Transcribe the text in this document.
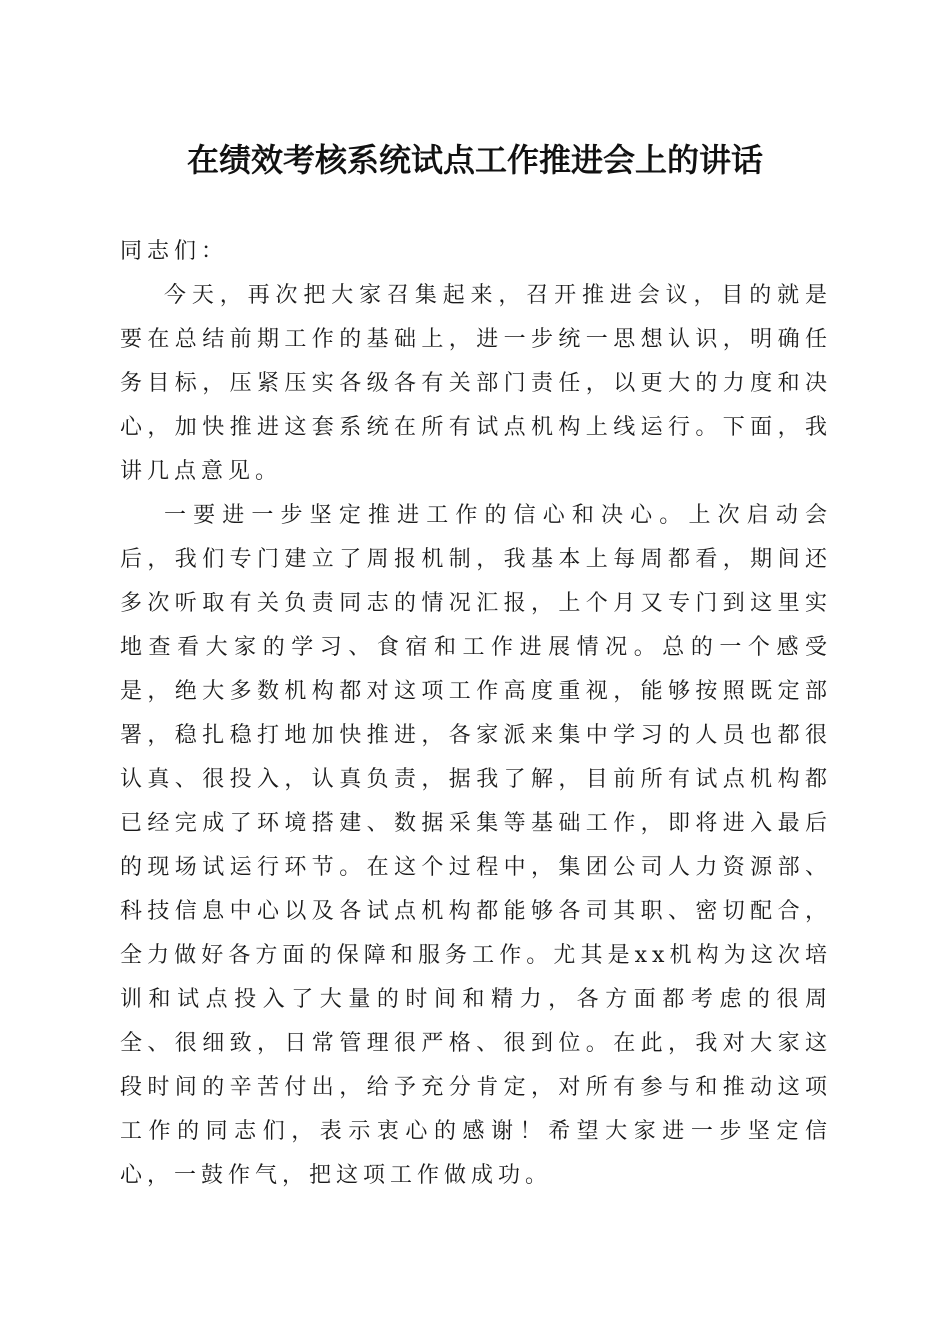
在绩效考核系统试点工作推进会上的讲话

同志们：

今天，再次把大家召集起来，召开推进会议，目的就是要在总结前期工作的基础上，进一步统一思想认识，明确任务目标，压紧压实各级各有关部门责任，以更大的力度和决心，加快推进这套系统在所有试点机构上线运行。下面，我讲几点意见。

一要进一步坚定推进工作的信心和决心。上次启动会后，我们专门建立了周报机制，我基本上每周都看，期间还多次听取有关负责同志的情况汇报，上个月又专门到这里实地查看大家的学习、食宿和工作进展情况。总的一个感受是，绝大多数机构都对这项工作高度重视，能够按照既定部署，稳扎稳打地加快推进，各家派来集中学习的人员也都很认真、很投入，认真负责，据我了解，目前所有试点机构都已经完成了环境搭建、数据采集等基础工作，即将进入最后的现场试运行环节。在这个过程中，集团公司人力资源部、科技信息中心以及各试点机构都能够各司其职、密切配合，全力做好各方面的保障和服务工作。尤其是xx机构为这次培训和试点投入了大量的时间和精力，各方面都考虑的很周全、很细致，日常管理很严格、很到位。在此，我对大家这段时间的辛苦付出，给予充分肯定，对所有参与和推动这项工作的同志们，表示衷心的感谢！希望大家进一步坚定信心，一鼓作气，把这项工作做成功。
